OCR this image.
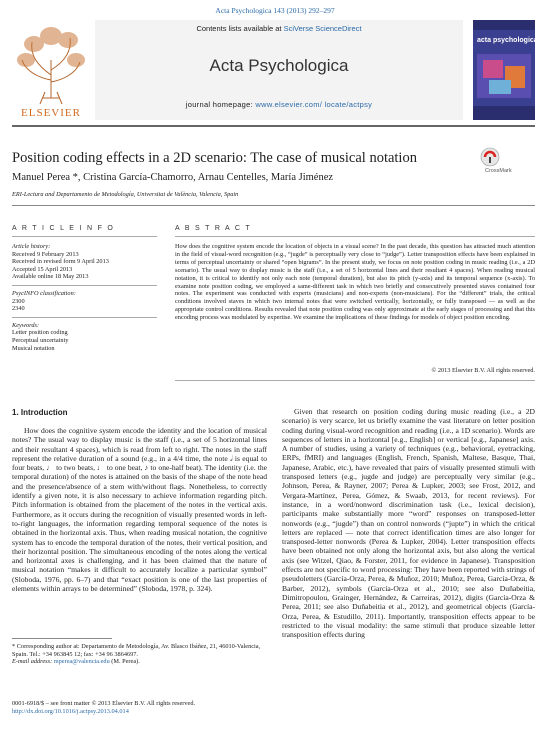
Acta Psychologica 143 (2013) 292–297
ELSEVIER
Contents lists available at SciVerse ScienceDirect
Acta Psychologica
journal homepage: www.elsevier.com/ locate/actpsy
acta psychologica
Position coding effects in a 2D scenario: The case of musical notation
CrossMark
Manuel Perea *, Cristina García-Chamorro, Arnau Centelles, María Jiménez
ERI-Lectura and Departamento de Metodología, Universitat de València, Valencia, Spain
A R T I C L E I N F O
Article history:
Received 9 February 2013
Received in revised form 9 April 2013
Accepted 15 April 2013
Available online 18 May 2013
PsycINFO classification:
2300
2340
Keywords:
Letter position coding
Perceptual uncertainty
Musical notation
A B S T R A C T
How does the cognitive system encode the location of objects in a visual scene? In the past decade, this question has attracted much attention in the field of visual-word recognition (e.g., “jugde” is perceptually very close to “judge”). Letter transposition effects have been explained in terms of perceptual uncertainty or shared “open bigrams”. In the present study, we focus on note position coding in music reading (i.e., a 2D scenario). The usual way to display music is the staff (i.e., a set of 5 horizontal lines and their resultant 4 spaces). When reading musical notation, it is critical to identify not only each note (temporal duration), but also its pitch (y-axis) and its temporal sequence (x-axis). To examine note position coding, we employed a same-different task in which two briefly and consecutively presented staves contained four notes. The experiment was conducted with experts (musicians) and non-experts (non-musicians). For the “different” trials, the critical conditions involved staves in which two internal notes that were switched vertically, horizontally, or fully transposed — as well as the appropriate control conditions. Results revealed that note position coding was only approximate at the early stages of processing and that this encoding process was modulated by expertise. We examine the implications of these findings for models of object position encoding.
© 2013 Elsevier B.V. All rights reserved.
1. Introduction
How does the cognitive system encode the identity and the location of musical notes? The usual way to display music is the staff (i.e., a set of 5 horizontal lines and their resultant 4 spaces), which is read from left to right. The notes in the staff represent the relative duration of a sound (e.g., in a 4/4 time, the note 𝅗𝅥 is equal to four beats, ♩ to two beats, ♩ to one beat, ♪ to one-half beat). The identity (i.e. the temporal duration) of the notes is attained on the basis of the shape of the note head and the presence/absence of a stem with/without flags. Nonetheless, to correctly identify a given note, it is also necessary to achieve information regarding pitch. Pitch information is obtained from the placement of the notes in the vertical axis. Furthermore, as it occurs during the recognition of visually presented words in left-to-right languages, the information regarding temporal sequence of the notes is obtained in the horizontal axis. Thus, when reading musical notation, the cognitive system has to encode the temporal duration of the notes, their vertical position, and their horizontal position. The simultaneous encoding of the notes along the vertical and horizontal axes is challenging, and it has been claimed that the nature of musical notation “makes it difficult to accurately localize a particular symbol” (Sloboda, 1976, pp. 6–7) and that “exact position is one of the last properties of elements within arrays to be determined” (Sloboda, 1978, p. 324).
Given that research on position coding during music reading (i.e., a 2D scenario) is very scarce, let us briefly examine the vast literature on letter position coding during visual-word recognition and reading (i.e., a 1D scenario). Words are sequences of letters in a horizontal [e.g., English] or vertical [e.g., Japanese] axis. A number of studies, using a variety of techniques (e.g., behavioral, eyetracking, ERPs, fMRI) and languages (English, French, Spanish, Maltese, Basque, Thai, Japanese, Arabic, etc.), have revealed that pairs of visually presented stimuli with transposed letters (e.g., jugde and judge) are perceptually very similar (e.g., Johnson, Perea, & Rayner, 2007; Perea & Lupker, 2003; see Frost, 2012, and Vergara-Martínez, Perea, Gómez, & Swaab, 2013, for recent reviews). For instance, in a word/nonword discrimination task (i.e., lexical decision), participants make substantially more “word” responses on transposed-letter nonwords (e.g., “jugde”) than on control nonwords (“jupte”) in which the critical letters are replaced — note that correct identification times are also longer for transposed-letter nonwords (Perea & Lupker, 2004). Letter transposition effects have been obtained not only along the horizontal axis, but also along the vertical axis (see Witzel, Qiao, & Forster, 2011, for evidence in Japanese). Transposition effects are not specific to word processing: They have been reported with strings of pseudoletters (García-Orza, Perea, & Muñoz, 2010; Muñoz, Perea, García-Orza, & Barber, 2012), symbols (García-Orza et al., 2010; see also Duñabeitia, Dimitropoulou, Grainger, Hernández, & Carreiras, 2012), digits (García-Orza & Perea, 2011; see also Duñabeitia et al., 2012), and geometrical objects (García-Orza, Perea, & Estudillo, 2011). Importantly, transposition effects appear to be restricted to the visual modality: the same stimuli that produce sizeable letter transposition effects during
* Corresponding author at: Departamento de Metodología, Av. Blasco Ibáñez, 21, 46010-Valencia, Spain. Tel.: +34 963845 12; fax: +34 96 3864697.
E-mail address: mperea@valencia.edu (M. Perea).
0001-6918/$ – see front matter © 2013 Elsevier B.V. All rights reserved.
http://dx.doi.org/10.1016/j.actpsy.2013.04.014
